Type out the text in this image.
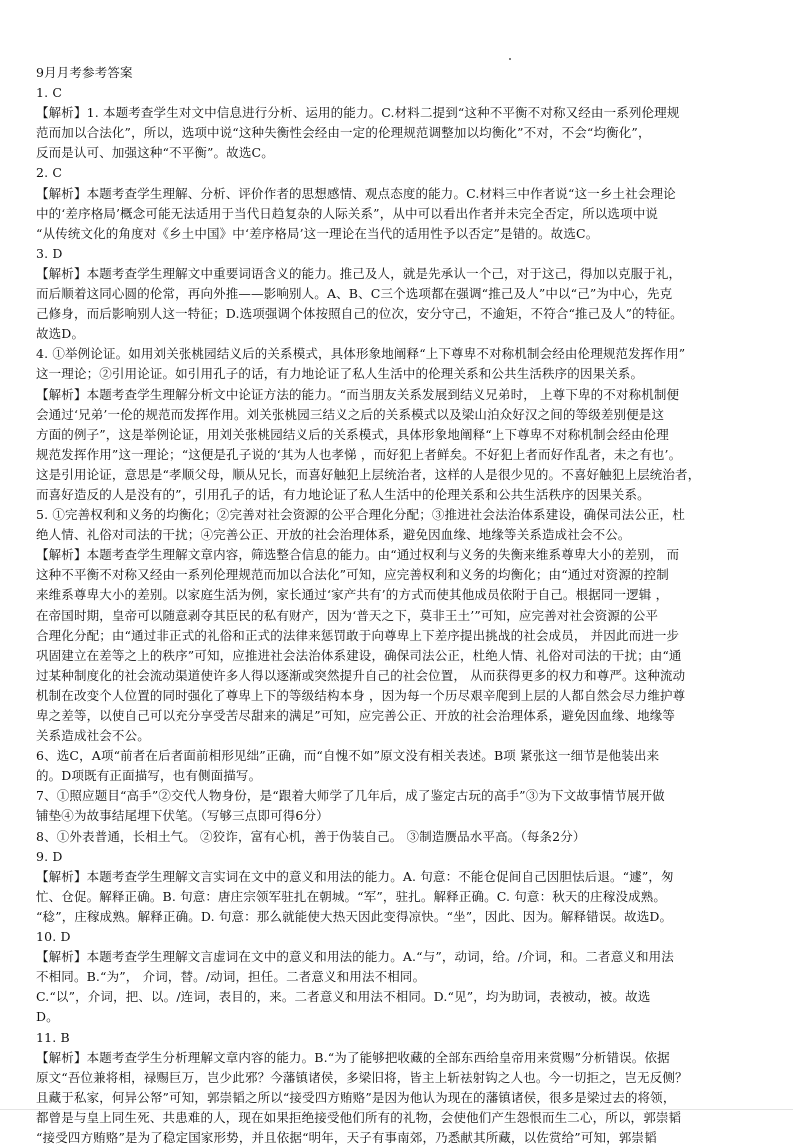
9月月考参考答案
1. C
【解析】1. 本题考查学生对文中信息进行分析、运用的能力。C.材料二提到“这种不平衡不对称又经由一系列伦理规
范而加以合法化”，所以，选项中说“这种失衡性会经由一定的伦理规范调整加以均衡化”不对，不会“均衡化”，
反而是认可、加强这种“不平衡”。故选C。
2. C
【解析】本题考查学生理解、分析、评价作者的思想感情、观点态度的能力。C.材料三中作者说“这一乡土社会理论
中的‘差序格局’概念可能无法适用于当代日趋复杂的人际关系”，从中可以看出作者并未完全否定，所以选项中说
“从传统文化的角度对《乡土中国》中‘差序格局’这一理论在当代的适用性予以否定”是错的。故选C。
3. D
【解析】本题考查学生理解文中重要词语含义的能力。推己及人，就是先承认一个己，对于这己，得加以克服于礼，
而后顺着这同心圆的伦常，再向外推——影响别人。A、B、C三个选项都在强调“推己及人”中以“己”为中心，先克
己修身，而后影响别人这一特征；D.选项强调个体按照自己的位次，安分守己，不逾矩，不符合“推己及人”的特征。
故选D。
4. ①举例论证。如用刘关张桃园结义后的关系模式，具体形象地阐释“上下尊卑不对称机制会经由伦理规范发挥作用”
这一理论；②引用论证。如引用孔子的话，有力地论证了私人生活中的伦理关系和公共生活秩序的因果关系。
【解析】本题考查学生理解分析文中论证方法的能力。“而当朋友关系发展到结义兄弟时， 上尊下卑的不对称机制便
会通过‘兄弟’一伦的规范而发挥作用。刘关张桃园三结义之后的关系模式以及梁山泊众好汉之间的等级差别便是这
方面的例子”，这是举例论证，用刘关张桃园结义后的关系模式，具体形象地阐释“上下尊卑不对称机制会经由伦理
规范发挥作用”这一理论；“这便是孔子说的‘其为人也孝悌 ，而好犯上者鲜矣。不好犯上者而好作乱者，未之有也’。
这是引用论证，意思是“孝顺父母，顺从兄长，而喜好触犯上层统治者，这样的人是很少见的。不喜好触犯上层统治者，
而喜好造反的人是没有的”，引用孔子的话，有力地论证了私人生活中的伦理关系和公共生活秩序的因果关系。
5. ①完善权利和义务的均衡化；②完善对社会资源的公平合理化分配；③推进社会法治体系建设，确保司法公正，杜
绝人情、礼俗对司法的干扰；④完善公正、开放的社会治理体系，避免因血缘、地缘等关系造成社会不公。
【解析】本题考查学生理解文章内容，筛选整合信息的能力。由“通过权利与义务的失衡来维系尊卑大小的差别， 而
这种不平衡不对称又经由一系列伦理规范而加以合法化”可知，应完善权利和义务的均衡化；由“通过对资源的控制
来维系尊卑大小的差别。以家庭生活为例，家长通过‘家产共有’的方式而使其他成员依附于自己。根据同一逻辑 ，
在帝国时期，皇帝可以随意剥夺其臣民的私有财产，因为‘普天之下，莫非王土’”可知，应完善对社会资源的公平
合理化分配；由“通过非正式的礼俗和正式的法律来惩罚敢于向尊卑上下差序提出挑战的社会成员， 并因此而进一步
巩固建立在差等之上的秩序”可知，应推进社会法治体系建设，确保司法公正，杜绝人情、礼俗对司法的干扰；由“通
过某种制度化的社会流动渠道使许多人得以逐渐或突然提升自己的社会位置， 从而获得更多的权力和尊严。这种流动
机制在改变个人位置的同时强化了尊卑上下的等级结构本身 ，因为每一个历尽艰辛爬到上层的人都自然会尽力维护尊
卑之差等，以使自己可以充分享受苦尽甜来的满足”可知，应完善公正、开放的社会治理体系，避免因血缘、地缘等
关系造成社会不公。
6、选C，A项“前者在后者面前相形见绌”正确，而“自愧不如”原文没有相关表述。B项 紧张这一细节是他装出来
的。D项既有正面描写，也有侧面描写。
7、①照应题目“高手”②交代人物身份，是“跟着大师学了几年后，成了鉴定古玩的高手”③为下文故事情节展开做
铺垫④为故事结尾埋下伏笔。（写够三点即可得6分）
8、①外表普通，长相土气。 ②狡诈，富有心机，善于伪装自己。 ③制造赝品水平高。（每条2分）
9. D
【解析】本题考查学生理解文言实词在文中的意义和用法的能力。A. 句意：不能仓促间自己因胆怯后退。“遽”，匆
忙、仓促。解释正确。B. 句意：唐庄宗领军驻扎在朝城。“军”，驻扎。解释正确。C. 句意：秋天的庄稼没成熟。
“稔”，庄稼成熟。解释正确。D. 句意：那么就能使大热天因此变得凉快。“坐”，因此、因为。解释错误。故选D。
10. D
【解析】本题考查学生理解文言虚词在文中的意义和用法的能力。A.“与”，动词，给。/介词，和。二者意义和用法
不相同。B.“为”， 介词，替。/动词，担任。二者意义和用法不相同。
C.“以”，介词，把、以。/连词，表目的，来。二者意义和用法不相同。D.“见”，均为助词，表被动，被。故选
D。
11. B
【解析】本题考查学生分析理解文章内容的能力。B.“为了能够把收藏的全部东西给皇帝用来赏赐”分析错误。依据
原文“吾位兼将相，禄赐巨万，岂少此邪？今藩镇诸侯，多梁旧将，皆主上斩祛射钩之人也。今一切拒之，岂无反侧？
且藏于私家，何异公帑”可知，郭崇韬之所以“接受四方贿赂”是因为他认为现在的藩镇诸侯，很多是梁过去的将领，
都曾是与皇上同生死、共患难的人，现在如果拒绝接受他们所有的礼物，会使他们产生怨恨而生二心，所以，郭崇韬
“接受四方贿赂”是为了稳定国家形势，并且依据“明年，天子有事南郊，乃悉献其所藏，以佐赏给”可知，郭崇韬
